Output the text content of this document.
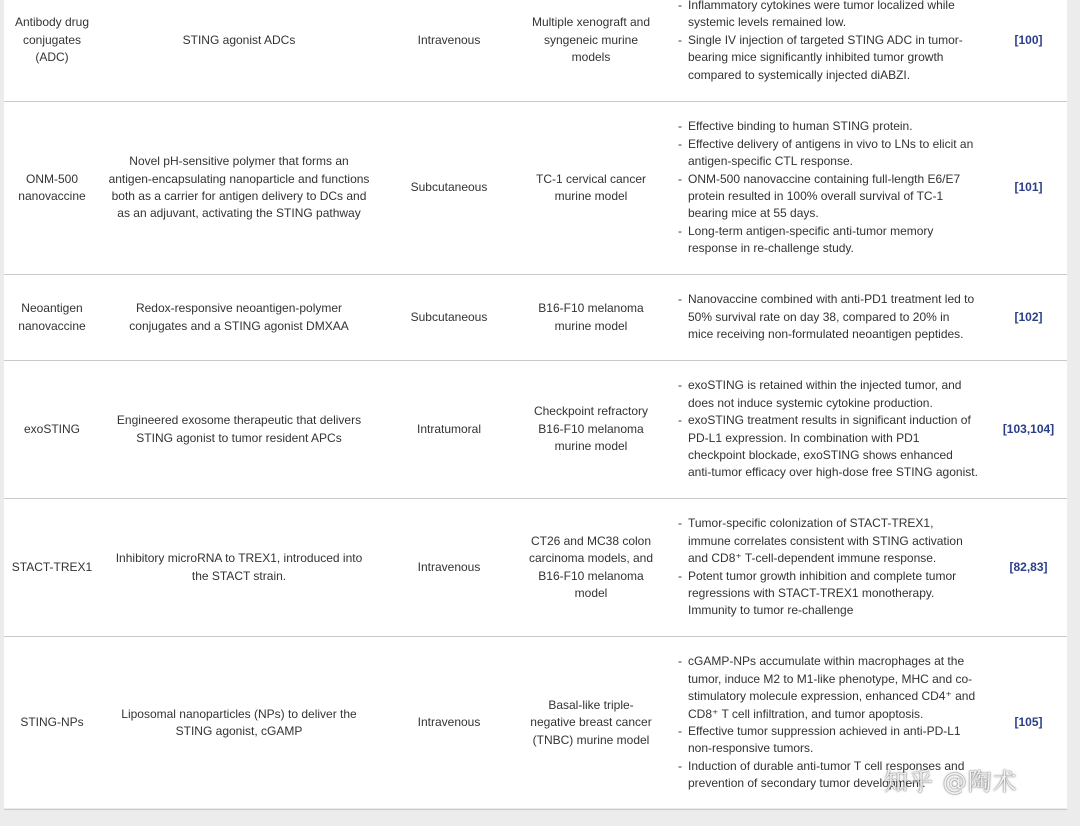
Antibody drug conjugates (ADC)
STING agonist ADCs	Intravenous
Multiple xenograft and syngeneic murine models
- Inflammatory cytokines were tumor localized while systemic levels remained low.
- Single IV injection of targeted STING ADC in tumor-bearing mice significantly inhibited tumor growth compared to systemically injected diABZI.
[100]
ONM-500 nanovaccine
Novel pH-sensitive polymer that forms an antigen-encapsulating nanoparticle and functions both as a carrier for antigen delivery to DCs and as an adjuvant, activating the STING pathway
Subcutaneous
TC-1 cervical cancer murine model
- Effective binding to human STING protein.
- Effective delivery of antigens in vivo to LNs to elicit an antigen-specific CTL response.
- ONM-500 nanovaccine containing full-length E6/E7 protein resulted in 100% overall survival of TC-1 bearing mice at 55 days.
- Long-term antigen-specific anti-tumor memory response in re-challenge study.
[101]
Neoantigen nanovaccine
Redox-responsive neoantigen-polymer conjugates and a STING agonist DMXAA
Subcutaneous
B16-F10 melanoma murine model
- Nanovaccine combined with anti-PD1 treatment led to 50% survival rate on day 38, compared to 20% in mice receiving non-formulated neoantigen peptides.
[102]
exoSTING
Engineered exosome therapeutic that delivers STING agonist to tumor resident APCs
Intratumoral
Checkpoint refractory B16-F10 melanoma murine model
- exoSTING is retained within the injected tumor, and does not induce systemic cytokine production.
- exoSTING treatment results in significant induction of PD-L1 expression. In combination with PD1 checkpoint blockade, exoSTING shows enhanced anti-tumor efficacy over high-dose free STING agonist.
[103,104]
STACT-TREX1
Inhibitory microRNA to TREX1, introduced into the STACT strain.
Intravenous
CT26 and MC38 colon carcinoma models, and B16-F10 melanoma model
- Tumor-specific colonization of STACT-TREX1, immune correlates consistent with STING activation and CD8⁺ T-cell-dependent immune response.
- Potent tumor growth inhibition and complete tumor regressions with STACT-TREX1 monotherapy. Immunity to tumor re-challenge
[82,83]
STING-NPs
Liposomal nanoparticles (NPs) to deliver the STING agonist, cGAMP
Intravenous
Basal-like triple-negative breast cancer (TNBC) murine model
- cGAMP-NPs accumulate within macrophages at the tumor, induce M2 to M1-like phenotype, MHC and co-stimulatory molecule expression, enhanced CD4⁺ and CD8⁺ T cell infiltration, and tumor apoptosis.
- Effective tumor suppression achieved in anti-PD-L1 non-responsive tumors.
- Induction of durable anti-tumor T cell responses and prevention of secondary tumor development.
[105]
知乎 @陶术
